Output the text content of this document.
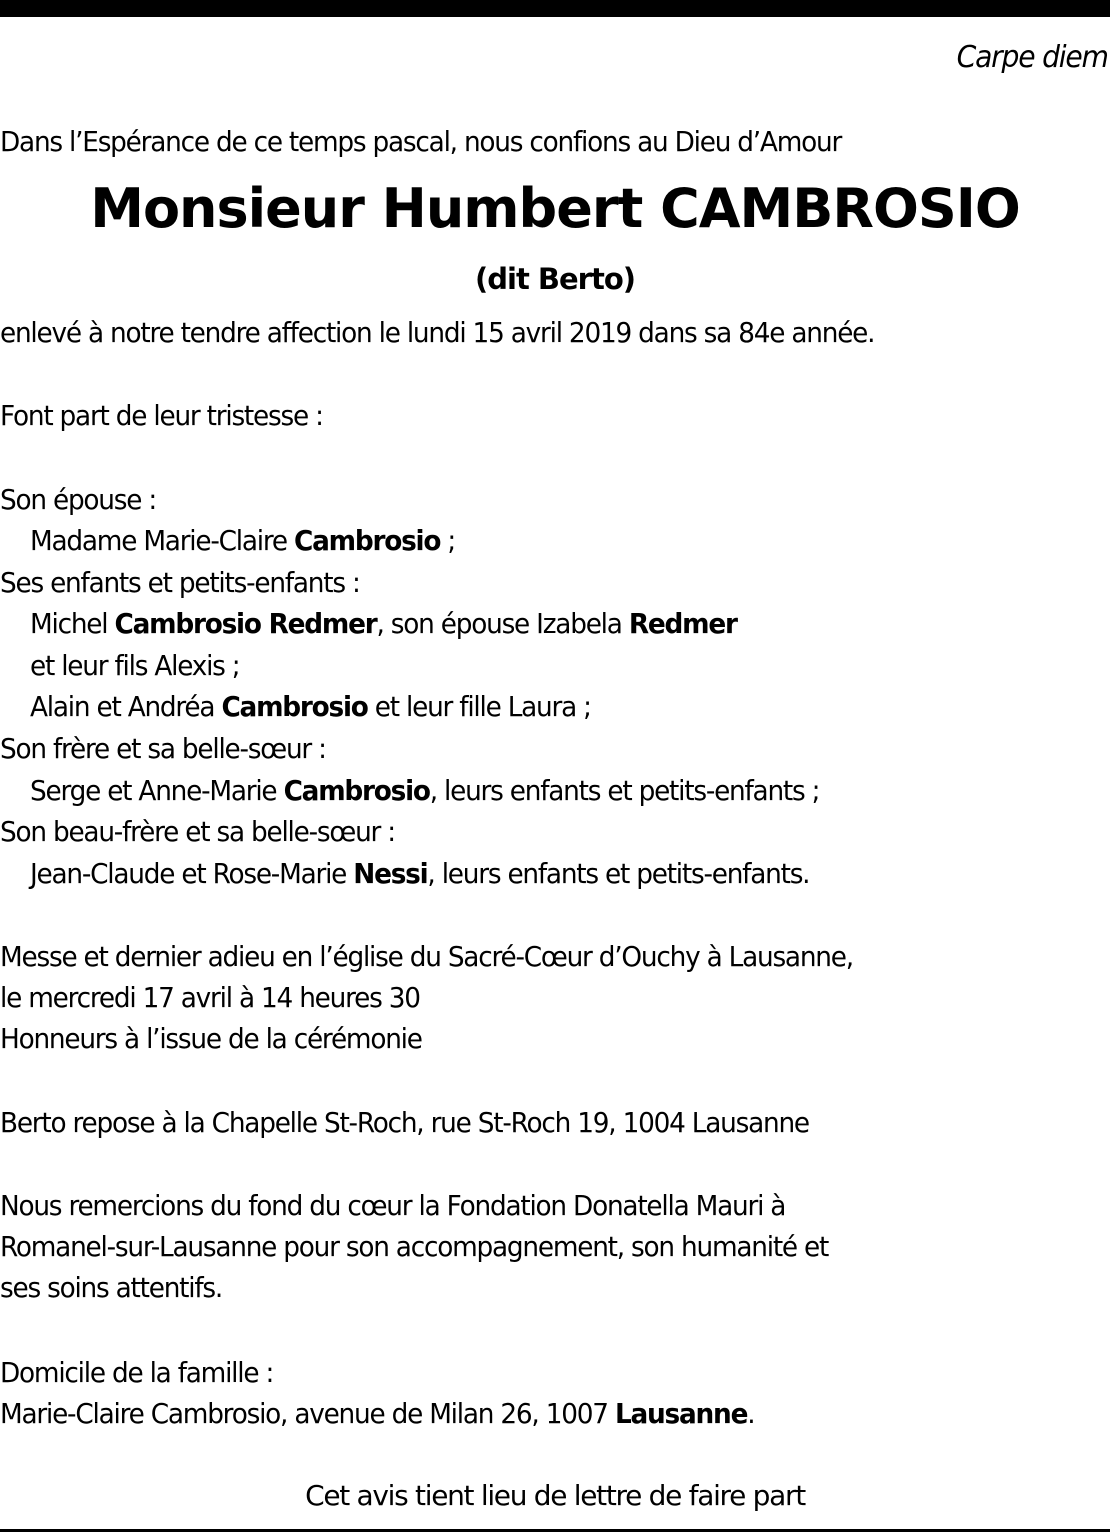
Carpe diem
Dans l’Espérance de ce temps pascal, nous confions au Dieu d’Amour
Monsieur Humbert CAMBROSIO
(dit Berto)
enlevé à notre tendre affection le lundi 15 avril 2019 dans sa 84e année.
Font part de leur tristesse :
Son épouse :
Madame Marie-Claire Cambrosio ;
Ses enfants et petits-enfants :
Michel Cambrosio Redmer, son épouse Izabela Redmer
et leur fils Alexis ;
Alain et Andréa Cambrosio et leur fille Laura ;
Son frère et sa belle-sœur :
Serge et Anne-Marie Cambrosio, leurs enfants et petits-enfants ;
Son beau-frère et sa belle-sœur :
Jean-Claude et Rose-Marie Nessi, leurs enfants et petits-enfants.
Messe et dernier adieu en l’église du Sacré-Cœur d’Ouchy à Lausanne,
le mercredi 17 avril à 14 heures 30
Honneurs à l’issue de la cérémonie
Berto repose à la Chapelle St-Roch, rue St-Roch 19, 1004 Lausanne
Nous remercions du fond du cœur la Fondation Donatella Mauri à
Romanel-sur-Lausanne pour son accompagnement, son humanité et
ses soins attentifs.
Domicile de la famille :
Marie-Claire Cambrosio, avenue de Milan 26, 1007 Lausanne.
Cet avis tient lieu de lettre de faire part
